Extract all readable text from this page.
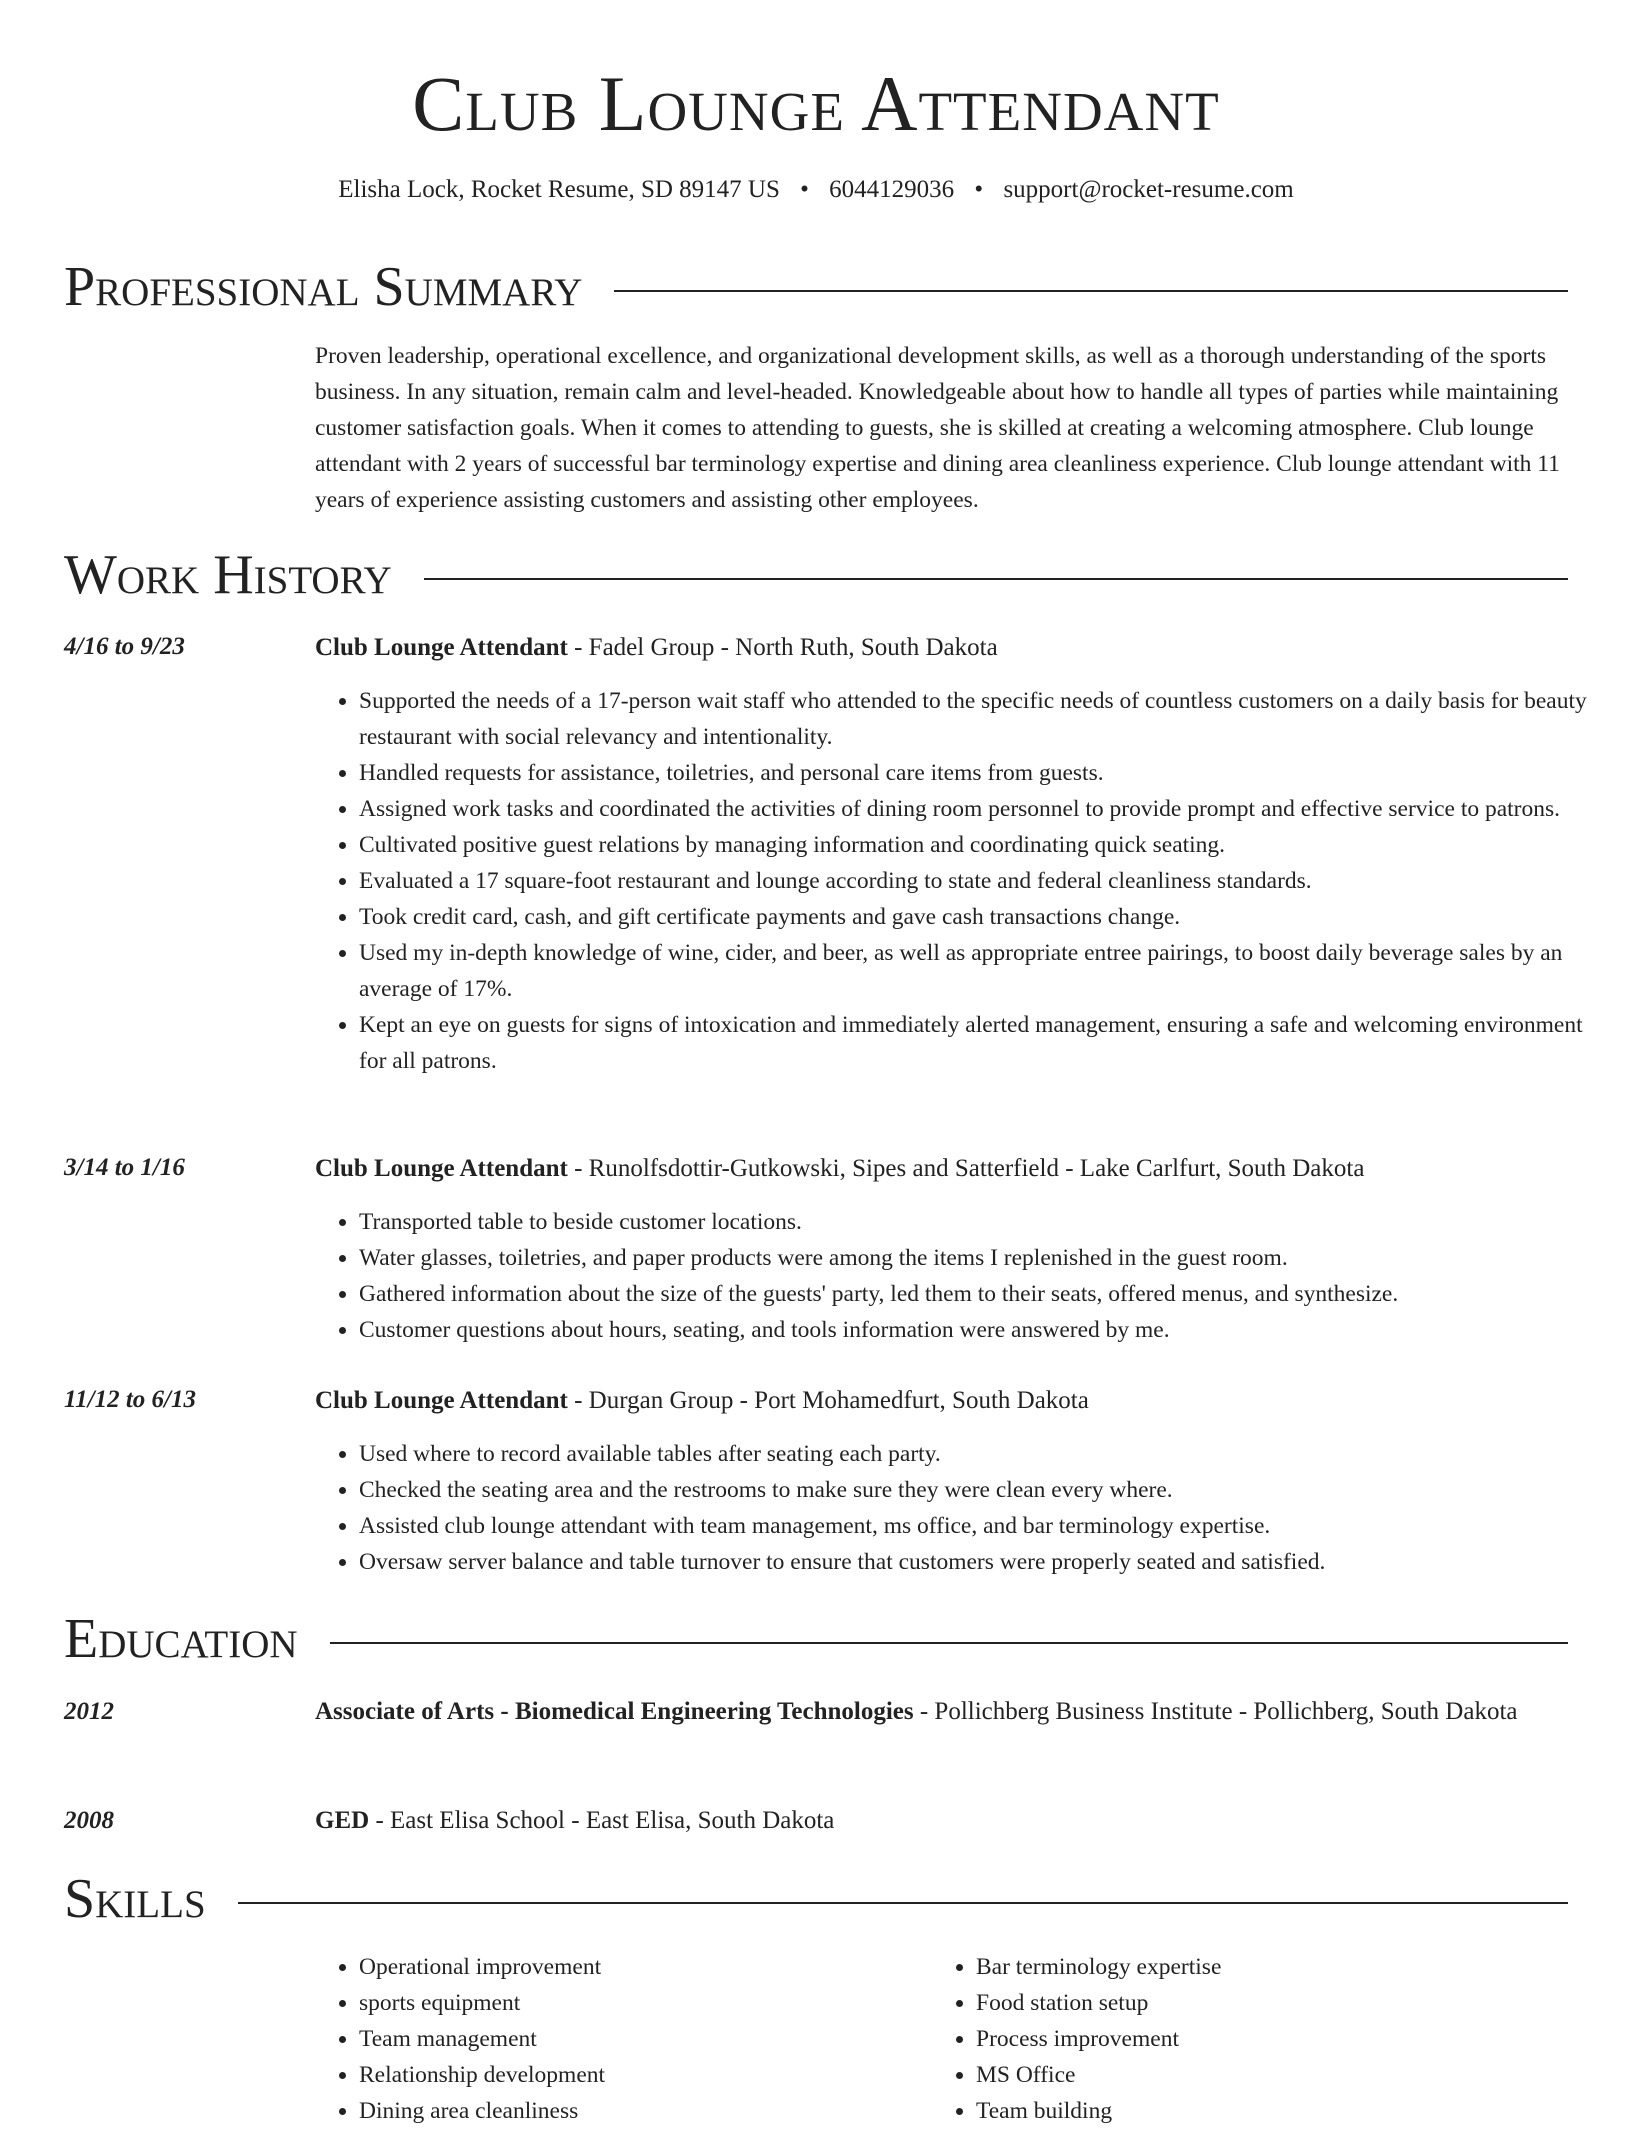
Club Lounge Attendant
Elisha Lock, Rocket Resume, SD 89147 US • 6044129036 • support@rocket-resume.com
Professional Summary
Proven leadership, operational excellence, and organizational development skills, as well as a thorough understanding of the sports business. In any situation, remain calm and level-headed. Knowledgeable about how to handle all types of parties while maintaining customer satisfaction goals. When it comes to attending to guests, she is skilled at creating a welcoming atmosphere. Club lounge attendant with 2 years of successful bar terminology expertise and dining area cleanliness experience. Club lounge attendant with 11 years of experience assisting customers and assisting other employees.
Work History
4/16 to 9/23	Club Lounge Attendant - Fadel Group - North Ruth, South Dakota
• Supported the needs of a 17-person wait staff who attended to the specific needs of countless customers on a daily basis for beauty restaurant with social relevancy and intentionality.
• Handled requests for assistance, toiletries, and personal care items from guests.
• Assigned work tasks and coordinated the activities of dining room personnel to provide prompt and effective service to patrons.
• Cultivated positive guest relations by managing information and coordinating quick seating.
• Evaluated a 17 square-foot restaurant and lounge according to state and federal cleanliness standards.
• Took credit card, cash, and gift certificate payments and gave cash transactions change.
• Used my in-depth knowledge of wine, cider, and beer, as well as appropriate entree pairings, to boost daily beverage sales by an average of 17%.
• Kept an eye on guests for signs of intoxication and immediately alerted management, ensuring a safe and welcoming environment for all patrons.
3/14 to 1/16	Club Lounge Attendant - Runolfsdottir-Gutkowski, Sipes and Satterfield - Lake Carlfurt, South Dakota
• Transported table to beside customer locations.
• Water glasses, toiletries, and paper products were among the items I replenished in the guest room.
• Gathered information about the size of the guests' party, led them to their seats, offered menus, and synthesize.
• Customer questions about hours, seating, and tools information were answered by me.
11/12 to 6/13	Club Lounge Attendant - Durgan Group - Port Mohamedfurt, South Dakota
• Used where to record available tables after seating each party.
• Checked the seating area and the restrooms to make sure they were clean every where.
• Assisted club lounge attendant with team management, ms office, and bar terminology expertise.
• Oversaw server balance and table turnover to ensure that customers were properly seated and satisfied.
Education
2012	Associate of Arts - Biomedical Engineering Technologies - Pollichberg Business Institute - Pollichberg, South Dakota
2008	GED - East Elisa School - East Elisa, South Dakota
Skills
• Operational improvement
• sports equipment
• Team management
• Relationship development
• Dining area cleanliness
• Bar terminology expertise
• Food station setup
• Process improvement
• MS Office
• Team building
